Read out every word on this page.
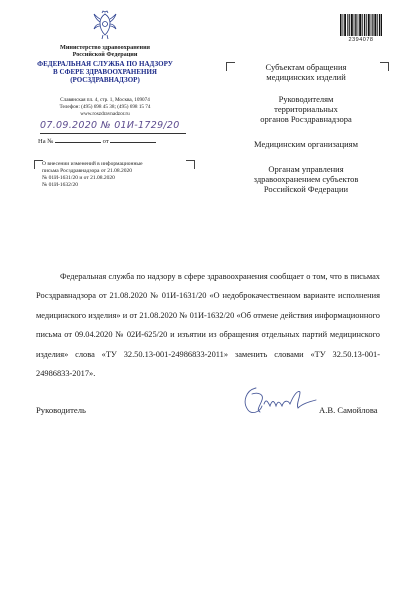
Министерство здравоохранения
Российской Федерации
ФЕДЕРАЛЬНАЯ СЛУЖБА ПО НАДЗОРУ
В СФЕРЕ ЗДРАВООХРАНЕНИЯ
(РОСЗДРАВНАДЗОР)
Славянская пл. 4, стр. 1, Москва, 109074
Телефон: (495) 698 45 38; (495) 698 15 74
www.roszdravnadzor.ru
07.09.2020 № 01И-1729/20
На №	от
О внесении изменений в информационные
письма Росздравнадзора от 21.08.2020
№ 01И-1631/20 и от 21.08.2020
№ 01И-1632/20
2394078
Субъектам обращения
медицинских изделий
Руководителям
территориальных
органов Росздравнадзора
Медицинским организациям
Органам управления
здравоохранением субъектов
Российской Федерации
Федеральная служба по надзору в сфере здравоохранения сообщает о том, что в письмах Росздравнадзора от 21.08.2020 № 01И-1631/20 «О недоброкачественном варианте исполнения медицинского изделия» и от 21.08.2020 № 01И-1632/20 «Об отмене действия информационного письма от 09.04.2020 № 02И-625/20 и изъятии из обращения отдельных партий медицинского изделия» слова «ТУ 32.50.13-001-24986833-2011» заменить словами «ТУ 32.50.13-001-24986833-2017».
Руководитель	А.В. Самойлова
